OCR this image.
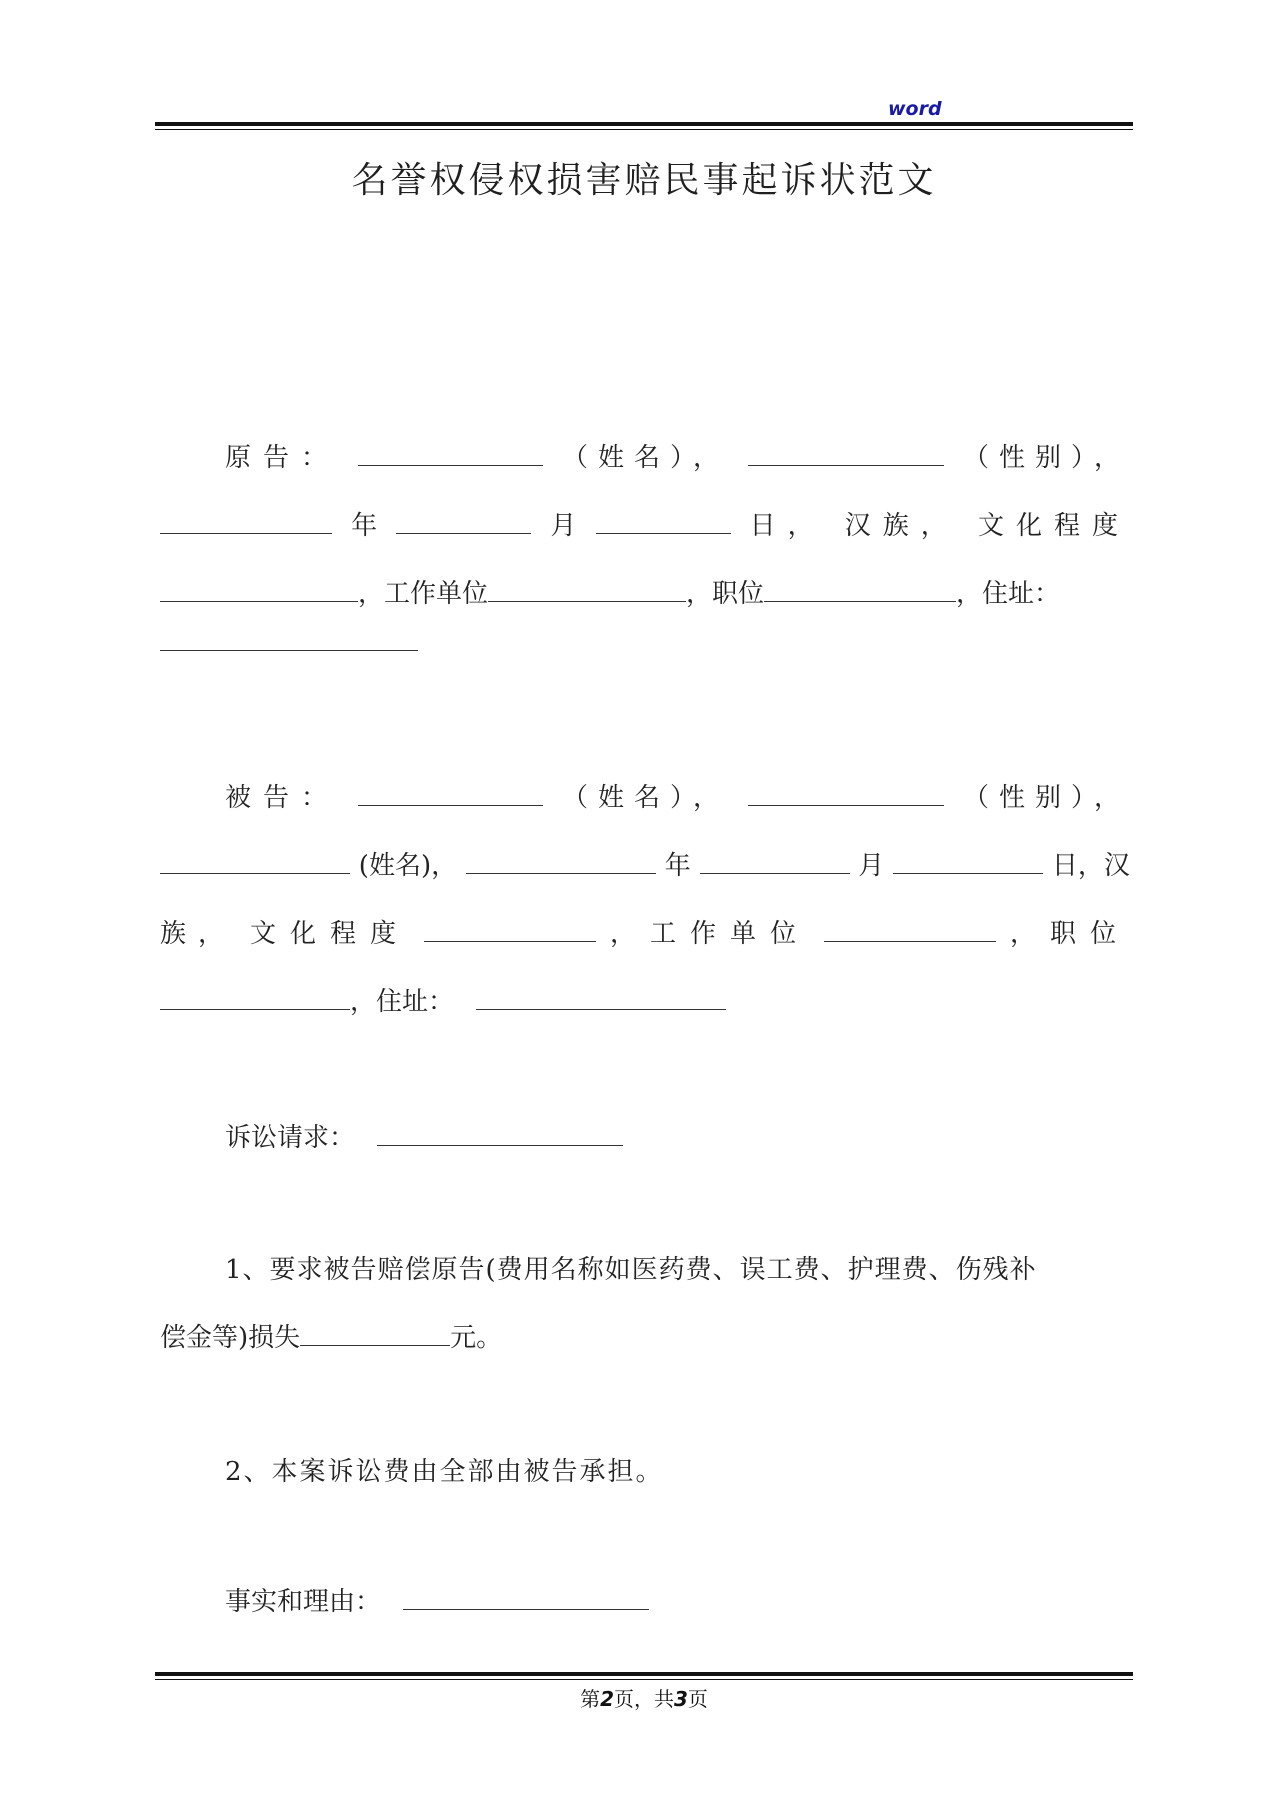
word
名誉权侵权损害赔民事起诉状范文
原告：	（姓名），	（性别），
年	月	日， 汉族， 文化程度
，工作单位	，职位	，住址：
被告：	（姓名），	（性别），
(姓名)，	年	月	日，汉
族， 文化程度	， 工作单位	， 职位
，住址：
诉讼请求：
1、要求被告赔偿原告(费用名称如医药费、误工费、护理费、伤残补
偿金等)损失	元。
2、本案诉讼费由全部由被告承担。
事实和理由：
第2页，共3页
